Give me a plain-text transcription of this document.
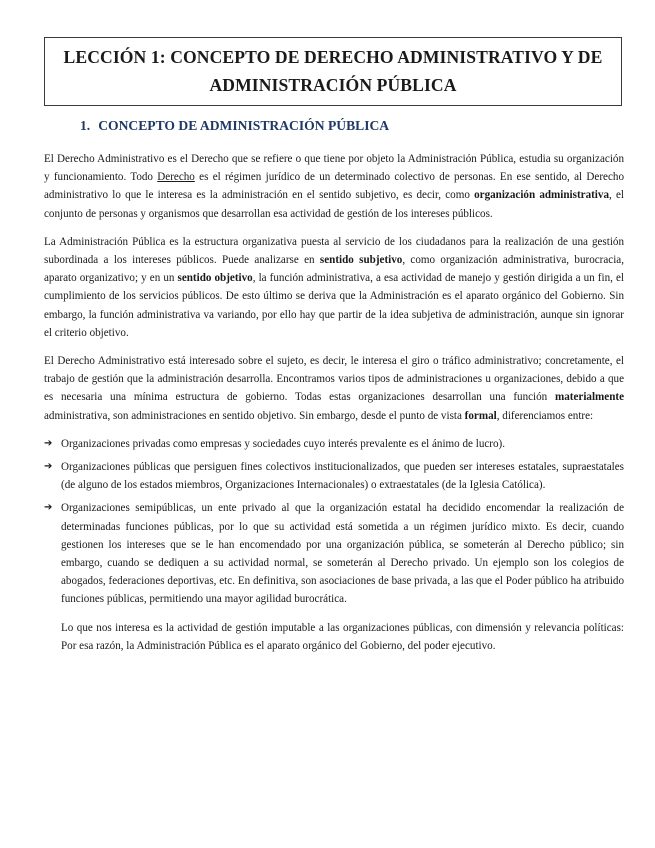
LECCIÓN 1: CONCEPTO DE DERECHO ADMINISTRATIVO Y DE
ADMINISTRACIÓN PÚBLICA
1. CONCEPTO DE ADMINISTRACIÓN PÚBLICA

El Derecho Administrativo es el Derecho que se refiere o que tiene por objeto la Administración Pública, estudia su organización y funcionamiento. Todo Derecho es el régimen jurídico de un determinado colectivo de personas. En ese sentido, al Derecho administrativo lo que le interesa es la administración en el sentido subjetivo, es decir, como organización administrativa, el conjunto de personas y organismos que desarrollan esa actividad de gestión de los intereses públicos.

La Administración Pública es la estructura organizativa puesta al servicio de los ciudadanos para la realización de una gestión subordinada a los intereses públicos. Puede analizarse en sentido subjetivo, como organización administrativa, burocracia, aparato organizativo; y en un sentido objetivo, la función administrativa, a esa actividad de manejo y gestión dirigida a un fin, el cumplimiento de los servicios públicos. De esto último se deriva que la Administración es el aparato orgánico del Gobierno. Sin embargo, la función administrativa va variando, por ello hay que partir de la idea subjetiva de administración, aunque sin ignorar el criterio objetivo.

El Derecho Administrativo está interesado sobre el sujeto, es decir, le interesa el giro o tráfico administrativo; concretamente, el trabajo de gestión que la administración desarrolla. Encontramos varios tipos de administraciones u organizaciones, debido a que es necesaria una mínima estructura de gobierno. Todas estas organizaciones desarrollan una función materialmente administrativa, son administraciones en sentido objetivo. Sin embargo, desde el punto de vista formal, diferenciamos entre:

➔ Organizaciones privadas como empresas y sociedades cuyo interés prevalente es el ánimo de lucro).
➔ Organizaciones públicas que persiguen fines colectivos institucionalizados, que pueden ser intereses estatales, supraestatales (de alguno de los estados miembros, Organizaciones Internacionales) o extraestatales (de la Iglesia Católica).
➔ Organizaciones semipúblicas, un ente privado al que la organización estatal ha decidido encomendar la realización de determinadas funciones públicas, por lo que su actividad está sometida a un régimen jurídico mixto. Es decir, cuando gestionen los intereses que se le han encomendado por una organización pública, se someterán al Derecho público; sin embargo, cuando se dediquen a su actividad normal, se someterán al Derecho privado. Un ejemplo son los colegios de abogados, federaciones deportivas, etc. En definitiva, son asociaciones de base privada, a las que el Poder público ha atribuido funciones públicas, permitiendo una mayor agilidad burocrática.

Lo que nos interesa es la actividad de gestión imputable a las organizaciones públicas, con dimensión y relevancia políticas: Por esa razón, la Administración Pública es el aparato orgánico del Gobierno, del poder ejecutivo.
